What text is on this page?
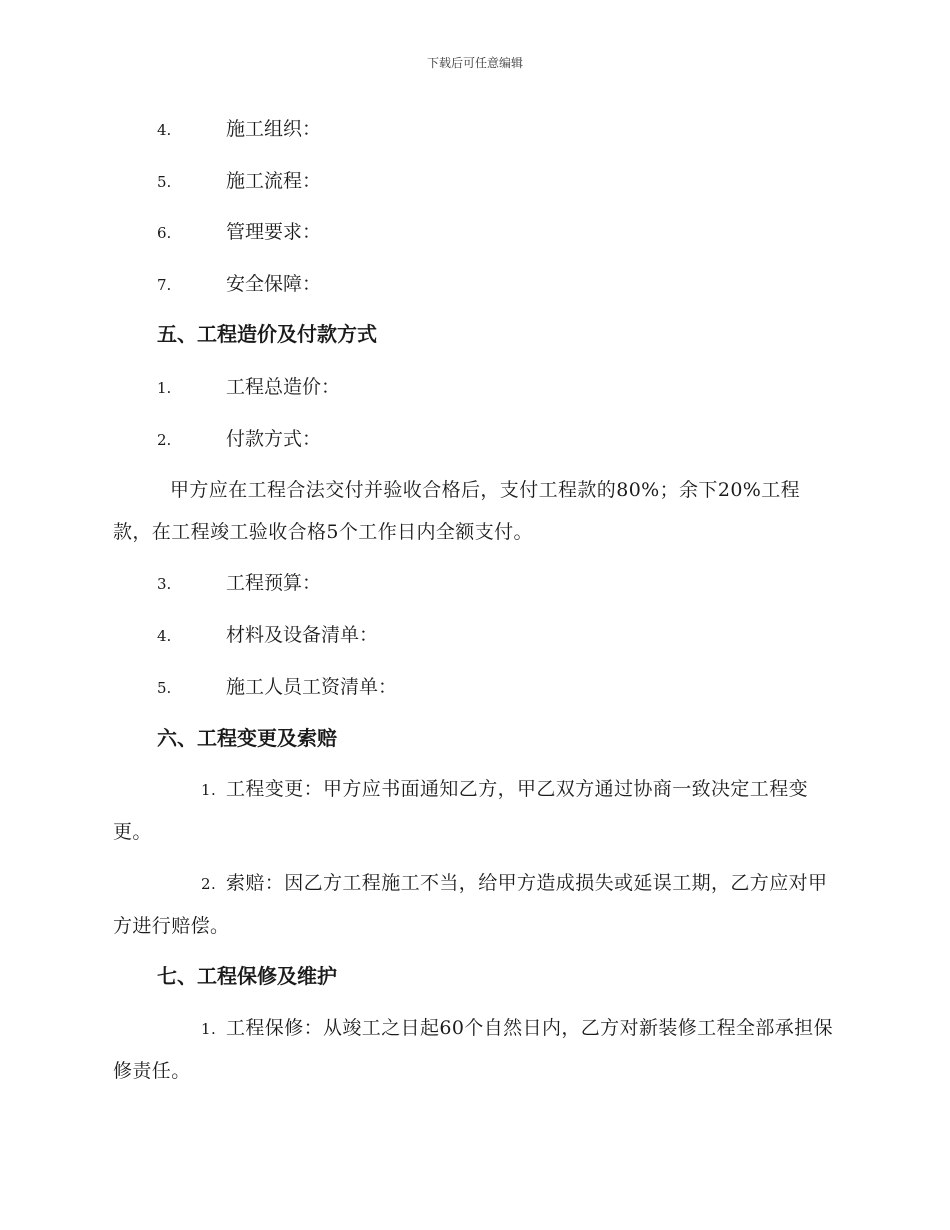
下载后可任意编辑
4.	施工组织：
5.	施工流程：
6.	管理要求：
7.	安全保障：
五、工程造价及付款方式
1.	工程总造价：
2.	付款方式：
甲方应在工程合法交付并验收合格后，支付工程款的80%；余下20%工程款，在工程竣工验收合格5个工作日内全额支付。
3.	工程预算：
4.	材料及设备清单：
5.	施工人员工资清单：
六、工程变更及索赔
1. 工程变更：甲方应书面通知乙方，甲乙双方通过协商一致决定工程变更。
2. 索赔：因乙方工程施工不当，给甲方造成损失或延误工期，乙方应对甲方进行赔偿。
七、工程保修及维护
1. 工程保修：从竣工之日起60个自然日内，乙方对新装修工程全部承担保修责任。
